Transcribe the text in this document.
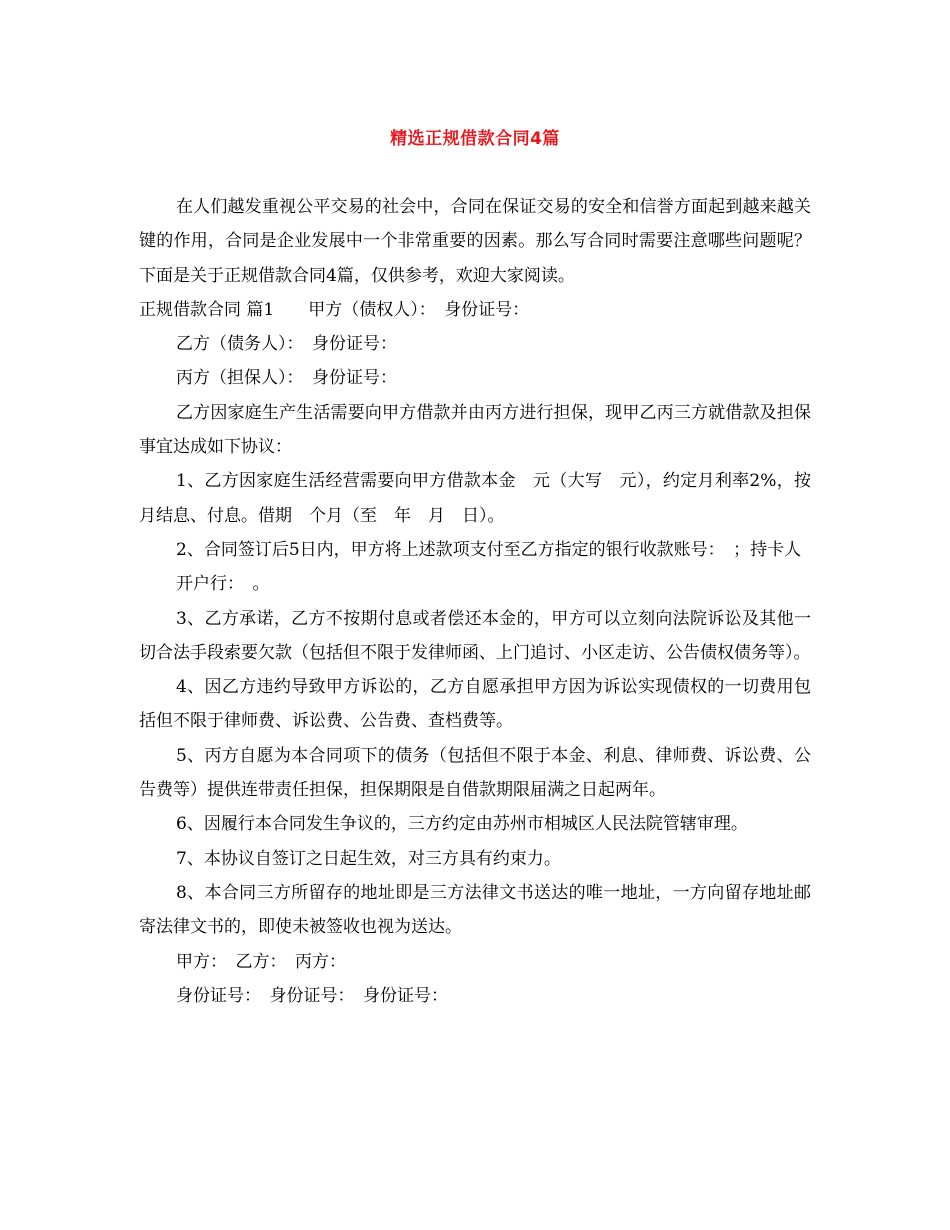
精选正规借款合同4篇

在人们越发重视公平交易的社会中，合同在保证交易的安全和信誉方面起到越来越关键的作用，合同是企业发展中一个非常重要的因素。那么写合同时需要注意哪些问题呢？下面是关于正规借款合同4篇，仅供参考，欢迎大家阅读。

正规借款合同 篇1　　甲方（债权人）：　身份证号：

乙方（债务人）：　身份证号：

丙方（担保人）：　身份证号：

乙方因家庭生产生活需要向甲方借款并由丙方进行担保，现甲乙丙三方就借款及担保事宜达成如下协议：

1、乙方因家庭生活经营需要向甲方借款本金　元（大写　元），约定月利率2%，按月结息、付息。借期　个月（至　年　月　日）。

2、合同签订后5日内，甲方将上述款项支付至乙方指定的银行收款账号：　；持卡人

开户行：　。

3、乙方承诺，乙方不按期付息或者偿还本金的，甲方可以立刻向法院诉讼及其他一切合法手段索要欠款（包括但不限于发律师函、上门追讨、小区走访、公告债权债务等）。

4、因乙方违约导致甲方诉讼的，乙方自愿承担甲方因为诉讼实现债权的一切费用包括但不限于律师费、诉讼费、公告费、查档费等。

5、丙方自愿为本合同项下的债务（包括但不限于本金、利息、律师费、诉讼费、公告费等）提供连带责任担保，担保期限是自借款期限届满之日起两年。

6、因履行本合同发生争议的，三方约定由苏州市相城区人民法院管辖审理。

7、本协议自签订之日起生效，对三方具有约束力。

8、本合同三方所留存的地址即是三方法律文书送达的唯一地址，一方向留存地址邮寄法律文书的，即使未被签收也视为送达。

甲方：　乙方：　丙方：

身份证号：　身份证号：　身份证号：
